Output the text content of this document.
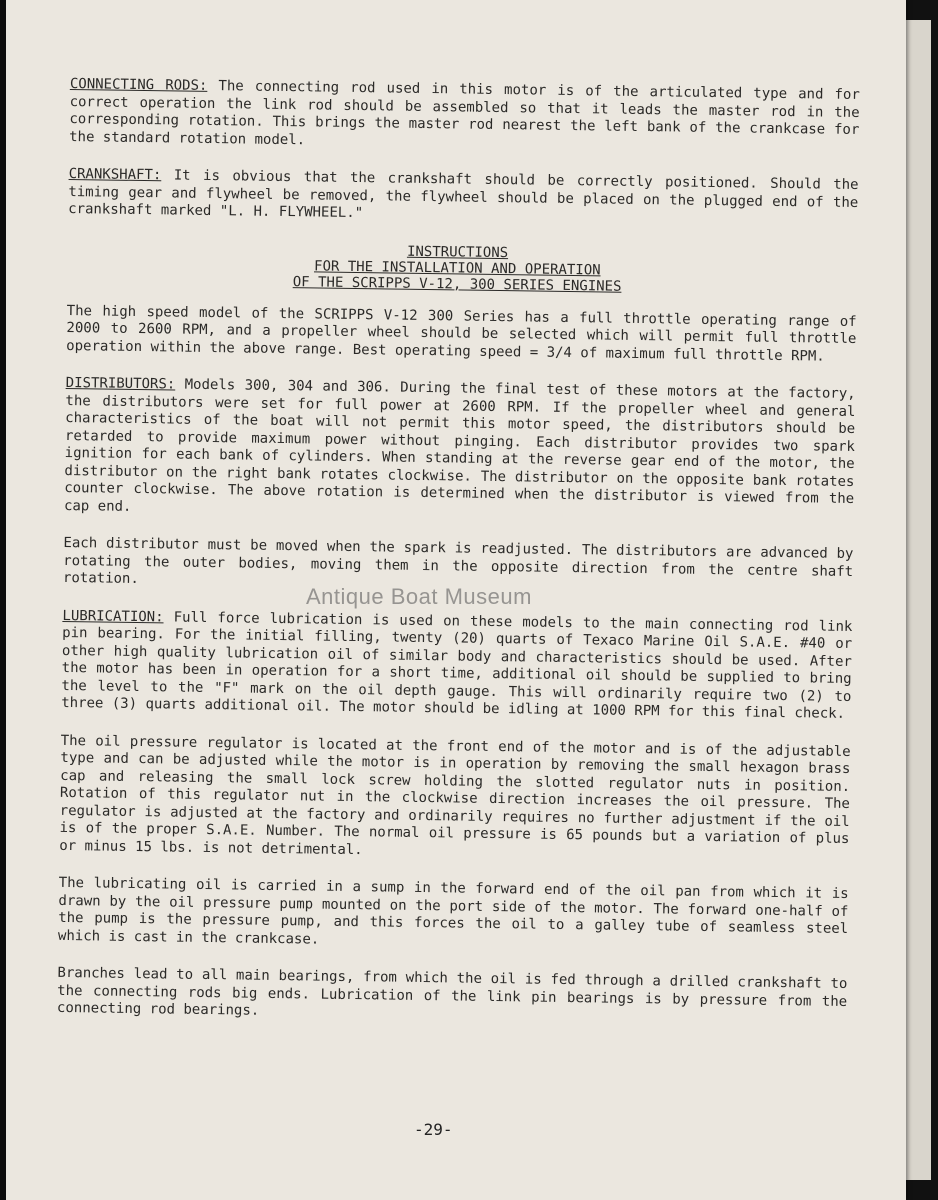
CONNECTING RODS: The connecting rod used in this motor is of the articulated type and for correct operation the link rod should be assembled so that it leads the master rod in the corresponding rotation. This brings the master rod nearest the left bank of the crankcase for the standard rotation model.

CRANKSHAFT: It is obvious that the crankshaft should be correctly positioned. Should the timing gear and flywheel be removed, the flywheel should be placed on the plugged end of the crankshaft marked "L. H. FLYWHEEL."

INSTRUCTIONS
FOR THE INSTALLATION AND OPERATION
OF THE SCRIPPS V-12, 300 SERIES ENGINES

The high speed model of the SCRIPPS V-12 300 Series has a full throttle operating range of 2000 to 2600 RPM, and a propeller wheel should be selected which will permit full throttle operation within the above range. Best operating speed = 3/4 of maximum full throttle RPM.

DISTRIBUTORS: Models 300, 304 and 306. During the final test of these motors at the factory, the distributors were set for full power at 2600 RPM. If the propeller wheel and general characteristics of the boat will not permit this motor speed, the distributors should be retarded to provide maximum power without pinging. Each distributor provides two spark ignition for each bank of cylinders. When standing at the reverse gear end of the motor, the distributor on the right bank rotates clockwise. The distributor on the opposite bank rotates counter clockwise. The above rotation is determined when the distributor is viewed from the cap end.

Each distributor must be moved when the spark is readjusted. The distributors are advanced by rotating the outer bodies, moving them in the opposite direction from the centre shaft rotation.

LUBRICATION: Full force lubrication is used on these models to the main connecting rod link pin bearing. For the initial filling, twenty (20) quarts of Texaco Marine Oil S.A.E. #40 or other high quality lubrication oil of similar body and characteristics should be used. After the motor has been in operation for a short time, additional oil should be supplied to bring the level to the "F" mark on the oil depth gauge. This will ordinarily require two (2) to three (3) quarts additional oil. The motor should be idling at 1000 RPM for this final check.

The oil pressure regulator is located at the front end of the motor and is of the adjustable type and can be adjusted while the motor is in operation by removing the small hexagon brass cap and releasing the small lock screw holding the slotted regulator nuts in position. Rotation of this regulator nut in the clockwise direction increases the oil pressure. The regulator is adjusted at the factory and ordinarily requires no further adjustment if the oil is of the proper S.A.E. Number. The normal oil pressure is 65 pounds but a variation of plus or minus 15 lbs. is not detrimental.

The lubricating oil is carried in a sump in the forward end of the oil pan from which it is drawn by the oil pressure pump mounted on the port side of the motor. The forward one-half of the pump is the pressure pump, and this forces the oil to a galley tube of seamless steel which is cast in the crankcase.

Branches lead to all main bearings, from which the oil is fed through a drilled crankshaft to the connecting rods big ends. Lubrication of the link pin bearings is by pressure from the connecting rod bearings.

Antique Boat Museum
-29-
